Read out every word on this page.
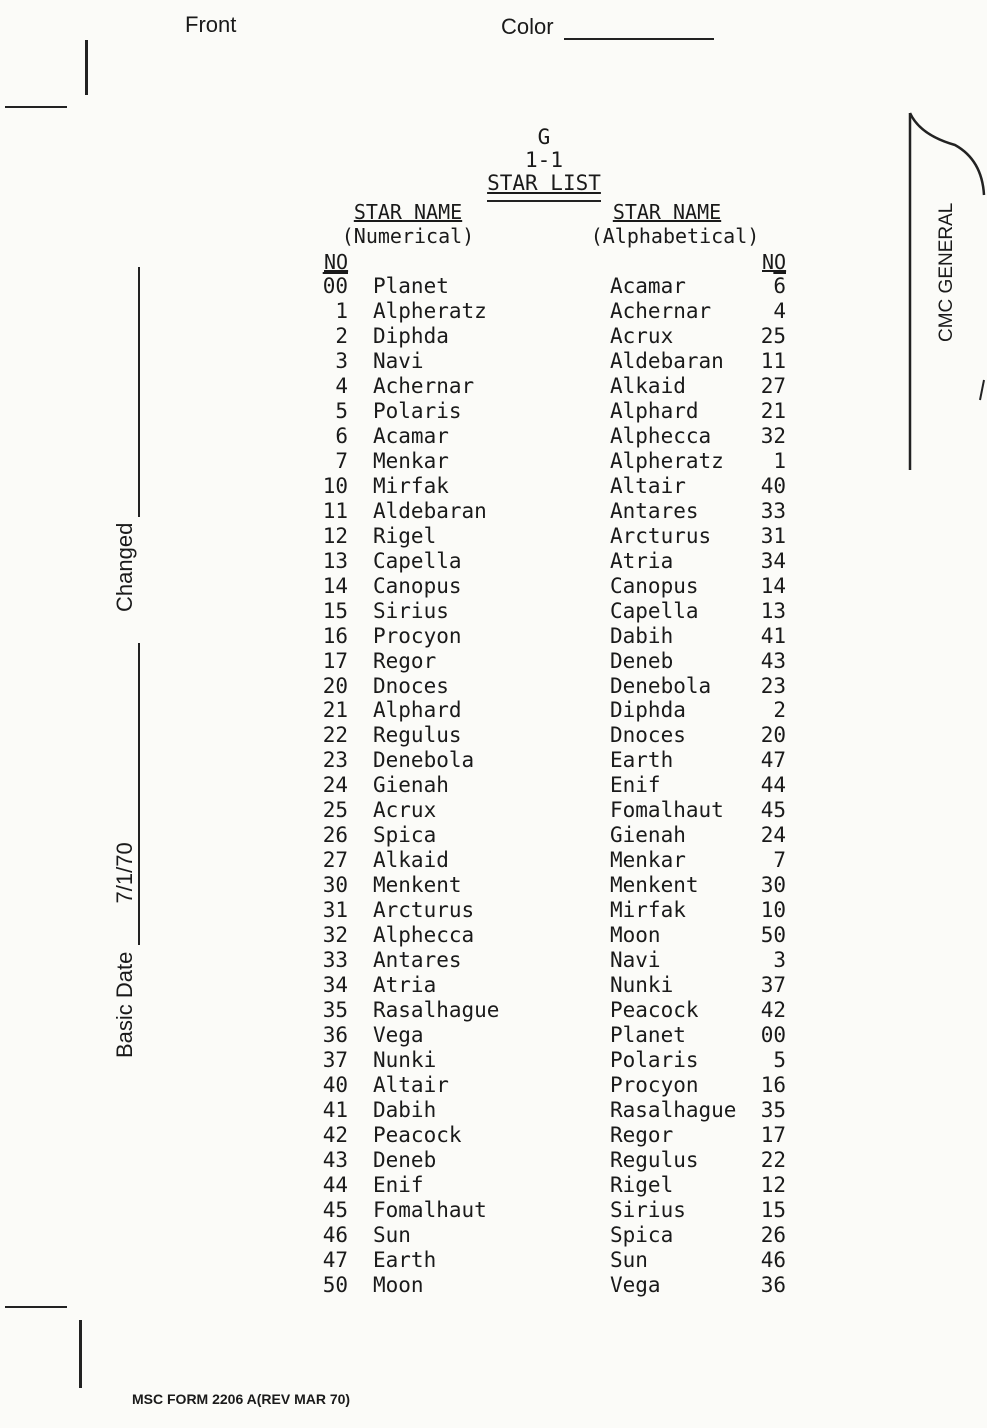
Front	Color
Changed
Basic Date 7/1/70
CMC GENERAL
G
1-1
STAR LIST
STAR NAME
(Numerical)
STAR NAME
(Alphabetical)
NO	NO
00 Planet	Acamar	6
1 Alpheratz	Achernar	4
2 Diphda	Acrux	25
3 Navi	Aldebaran	11
4 Achernar	Alkaid	27
5 Polaris	Alphard	21
6 Acamar	Alphecca	32
7 Menkar	Alpheratz	1
10 Mirfak	Altair	40
11 Aldebaran	Antares	33
12 Rigel	Arcturus	31
13 Capella	Atria	34
14 Canopus	Canopus	14
15 Sirius	Capella	13
16 Procyon	Dabih	41
17 Regor	Deneb	43
20 Dnoces	Denebola	23
21 Alphard	Diphda	2
22 Regulus	Dnoces	20
23 Denebola	Earth	47
24 Gienah	Enif	44
25 Acrux	Fomalhaut	45
26 Spica	Gienah	24
27 Alkaid	Menkar	7
30 Menkent	Menkent	30
31 Arcturus	Mirfak	10
32 Alphecca	Moon	50
33 Antares	Navi	3
34 Atria	Nunki	37
35 Rasalhague	Peacock	42
36 Vega	Planet	00
37 Nunki	Polaris	5
40 Altair	Procyon	16
41 Dabih	Rasalhague	35
42 Peacock	Regor	17
43 Deneb	Regulus	22
44 Enif	Rigel	12
45 Fomalhaut	Sirius	15
46 Sun	Spica	26
47 Earth	Sun	46
50 Moon	Vega	36
MSC FORM 2206 A(REV MAR 70)
